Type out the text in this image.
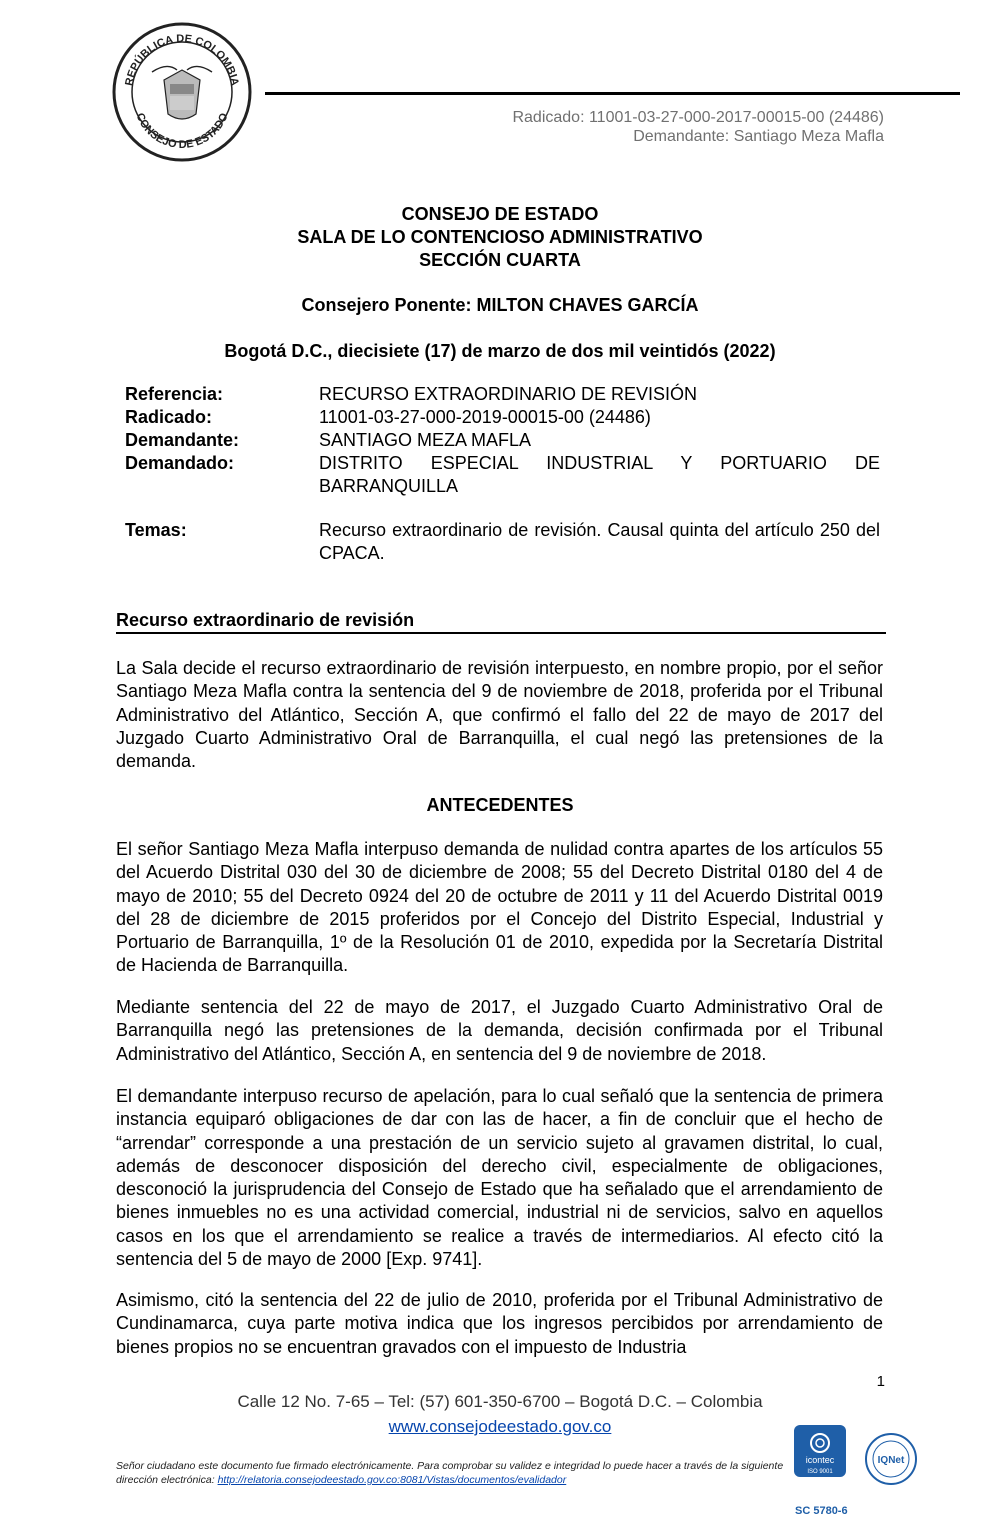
REPÚBLICA DE COLOMBIA
CONSEJO DE ESTADO	Radicado: 11001-03-27-000-2017-00015-00 (24486)
Demandante: Santiago Meza Mafla
CONSEJO DE ESTADO
SALA DE LO CONTENCIOSO ADMINISTRATIVO
SECCIÓN CUARTA
Consejero Ponente: MILTON CHAVES GARCÍA
Bogotá D.C., diecisiete (17) de marzo de dos mil veintidós (2022)
Referencia:	RECURSO EXTRAORDINARIO DE REVISIÓN
Radicado:	11001-03-27-000-2019-00015-00 (24486)
Demandante:	SANTIAGO MEZA MAFLA
Demandado:	DISTRITO ESPECIAL INDUSTRIAL Y PORTUARIO DE BARRANQUILLA
Temas:	Recurso extraordinario de revisión. Causal quinta del artículo 250 del CPACA.
Recurso extraordinario de revisión
La Sala decide el recurso extraordinario de revisión interpuesto, en nombre propio, por el señor Santiago Meza Mafla contra la sentencia del 9 de noviembre de 2018, proferida por el Tribunal Administrativo del Atlántico, Sección A, que confirmó el fallo del 22 de mayo de 2017 del Juzgado Cuarto Administrativo Oral de Barranquilla, el cual negó las pretensiones de la demanda.
ANTECEDENTES
El señor Santiago Meza Mafla interpuso demanda de nulidad contra apartes de los artículos 55 del Acuerdo Distrital 030 del 30 de diciembre de 2008; 55 del Decreto Distrital 0180 del 4 de mayo de 2010; 55 del Decreto 0924 del 20 de octubre de 2011 y 11 del Acuerdo Distrital 0019 del 28 de diciembre de 2015 proferidos por el Concejo del Distrito Especial, Industrial y Portuario de Barranquilla, 1º de la Resolución 01 de 2010, expedida por la Secretaría Distrital de Hacienda de Barranquilla.
Mediante sentencia del 22 de mayo de 2017, el Juzgado Cuarto Administrativo Oral de Barranquilla negó las pretensiones de la demanda, decisión confirmada por el Tribunal Administrativo del Atlántico, Sección A, en sentencia del 9 de noviembre de 2018.
El demandante interpuso recurso de apelación, para lo cual señaló que la sentencia de primera instancia equiparó obligaciones de dar con las de hacer, a fin de concluir que el hecho de “arrendar” corresponde a una prestación de un servicio sujeto al gravamen distrital, lo cual, además de desconocer disposición del derecho civil, especialmente de obligaciones, desconoció la jurisprudencia del Consejo de Estado que ha señalado que el arrendamiento de bienes inmuebles no es una actividad comercial, industrial ni de servicios, salvo en aquellos casos en los que el arrendamiento se realice a través de intermediarios. Al efecto citó la sentencia del 5 de mayo de 2000 [Exp. 9741].
Asimismo, citó la sentencia del 22 de julio de 2010, proferida por el Tribunal Administrativo de Cundinamarca, cuya parte motiva indica que los ingresos percibidos por arrendamiento de bienes propios no se encuentran gravados con el impuesto de Industria
1
Calle 12 No. 7-65 – Tel: (57) 601-350-6700 – Bogotá D.C. – Colombia
www.consejodeestado.gov.co
Señor ciudadano este documento fue firmado electrónicamente. Para comprobar su validez e integridad lo puede hacer a través de la siguiente dirección electrónica: http://relatoria.consejodeestado.gov.co:8081/Vistas/documentos/evalidador
icontec
ISO 9001
IQNet
SC 5780-6
